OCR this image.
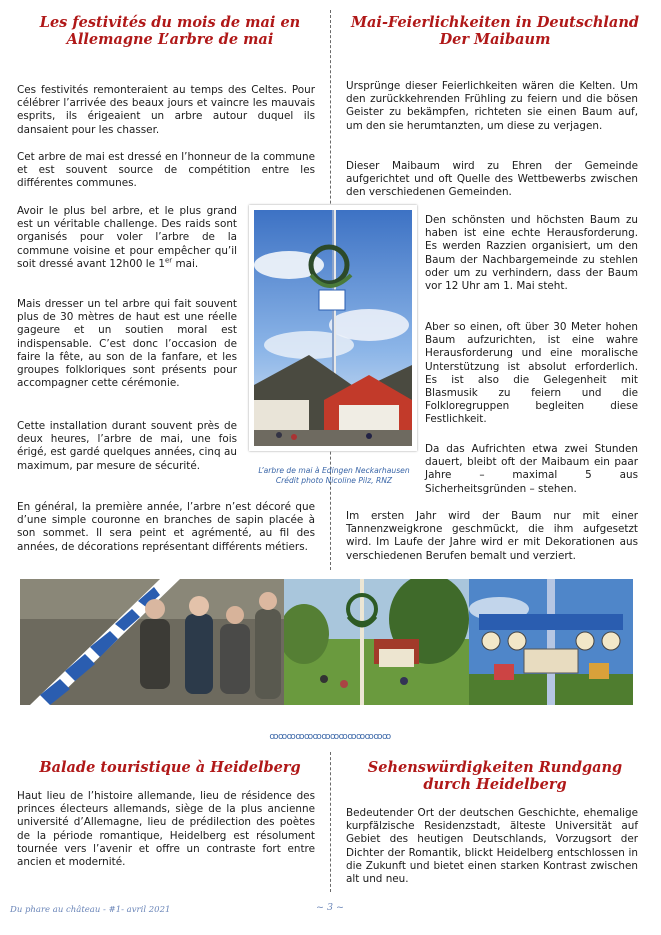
Les festivités du mois de mai en Allemagne L’arbre de mai
Mai-Feierlichkeiten in Deutschland Der Maibaum

Ces festivités remonteraient au temps des Celtes. Pour célébrer l’arrivée des beaux jours et vaincre les mauvais esprits, ils érigeaient un arbre autour duquel ils dansaient pour les chasser.

Cet arbre de mai est dressé en l’honneur de la commune et est souvent source de compétition entre les différentes communes.

Avoir le plus bel arbre, et le plus grand est un véritable challenge. Des raids sont organisés pour voler l’arbre de la commune voisine et pour empêcher qu’il soit dressé avant 12h00 le 1er mai.

Mais dresser un tel arbre qui fait souvent plus de 30 mètres de haut est une réelle gageure et un soutien moral est indispensable. C’est donc l’occasion de faire la fête, au son de la fanfare, et les groupes folkloriques sont présents pour accompagner cette cérémonie.

Cette installation durant souvent près de deux heures, l’arbre de mai, une fois érigé, est gardé quelques années, cinq au maximum, par mesure de sécurité.

En général, la première année, l’arbre n’est décoré que d’une simple couronne en branches de sapin placée à son sommet. Il sera peint et agrémenté, au fil des années, de décorations représentant différents métiers.

L’arbre de mai à Edingen Neckarhausen
Crédit photo Nicoline Pilz, RNZ

Ursprünge dieser Feierlichkeiten wären die Kelten. Um den zurückkehrenden Frühling zu feiern und die bösen Geister zu bekämpfen, richteten sie einen Baum auf, um den sie herumtanzten, um diese zu verjagen.

Dieser Maibaum wird zu Ehren der Gemeinde aufgerichtet und oft Quelle des Wettbewerbs zwischen den verschiedenen Gemeinden.

Den schönsten und höchsten Baum zu haben ist eine echte Herausforderung. Es werden Razzien organisiert, um den Baum der Nachbargemeinde zu stehlen oder um zu verhindern, dass der Baum vor 12 Uhr am 1. Mai steht.

Aber so einen, oft über 30 Meter hohen Baum aufzurichten, ist eine wahre Herausforderung und eine moralische Unterstützung ist absolut erforderlich. Es ist also die Gelegenheit mit Blasmusik zu feiern und die Folkloregruppen begleiten diese Festlichkeit.

Da das Aufrichten etwa zwei Stunden dauert, bleibt oft der Maibaum ein paar Jahre – maximal 5 aus Sicherheitsgründen – stehen.

Im ersten Jahr wird der Baum nur mit einer Tannenzweigkrone geschmückt, die ihm aufgesetzt wird. Im Laufe der Jahre wird er mit Dekorationen aus verschiedenen Berufen bemalt und verziert.

ꝏꝏꝏꝏꝏꝏꝏꝏꝏꝏꝏꝏꝏꝏ
Balade touristique à Heidelberg	Sehenswürdigkeiten Rundgang durch Heidelberg

Haut lieu de l’histoire allemande, lieu de résidence des princes électeurs allemands, siège de la plus ancienne université d’Allemagne, lieu de prédilection des poètes de la période romantique, Heidelberg est résolument tournée vers l’avenir et offre un contraste fort entre ancien et modernité.

Bedeutender Ort der deutschen Geschichte, ehemalige kurpfälzische Residenzstadt, älteste Universität auf Gebiet des heutigen Deutschlands, Vorzugsort der Dichter der Romantik, blickt Heidelberg entschlossen in die Zukunft und bietet einen starken Kontrast zwischen alt und neu.

Du phare au château - #1- avril 2021	~ 3 ~
